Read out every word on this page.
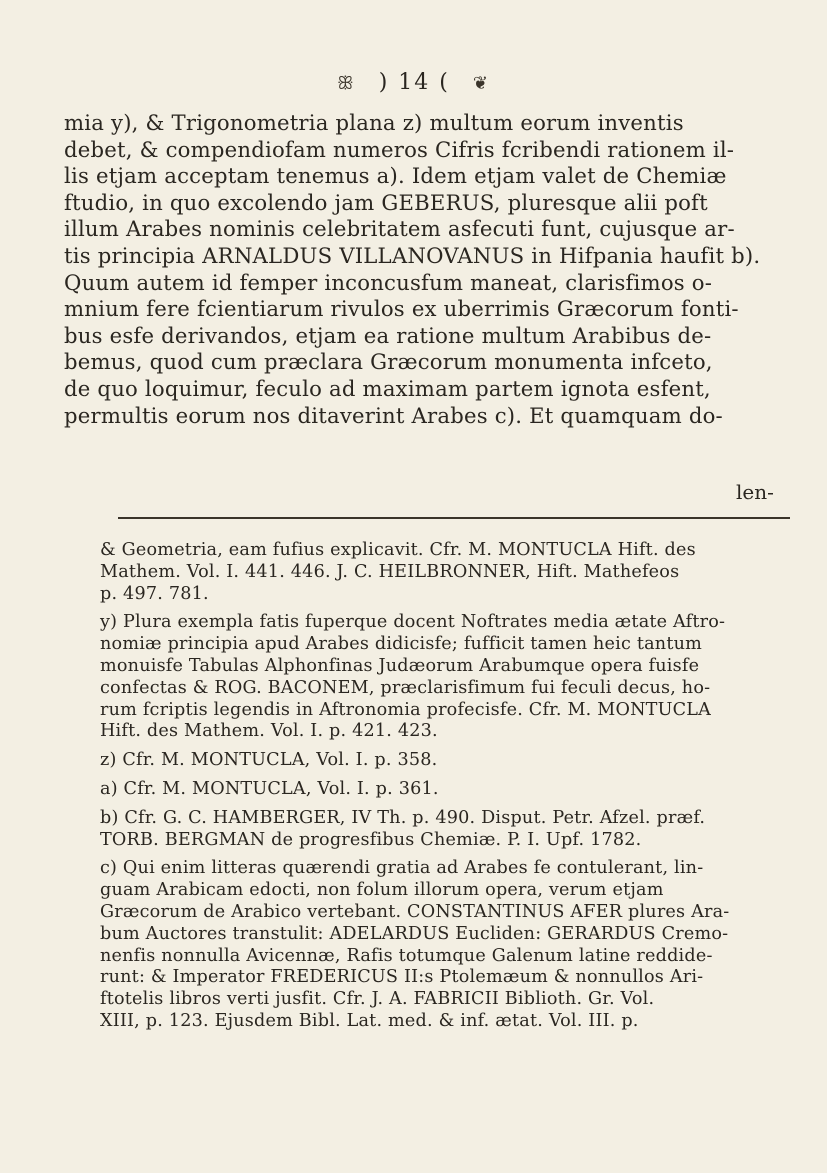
ꕥ ) 14 ( ❦
mia y), & Trigonometria plana z) multum eorum inventis
debet, & compendiofam numeros Cifris fcribendi rationem il-
lis etjam acceptam tenemus a). Idem etjam valet de Chemiæ
ftudio, in quo excolendo jam GEBERUS, pluresque alii poft
illum Arabes nominis celebritatem asfecuti funt, cujusque ar-
tis principia ARNALDUS VILLANOVANUS in Hifpania haufit b).
Quum autem id femper inconcusfum maneat, clarisfimos o-
mnium fere fcientiarum rivulos ex uberrimis Græcorum fonti-
bus esfe derivandos, etjam ea ratione multum Arabibus de-
bemus, quod cum præclara Græcorum monumenta infceto,
de quo loquimur, feculo ad maximam partem ignota esfent,
permultis eorum nos ditaverint Arabes c). Et quamquam do-
len-
& Geometria, eam fufius explicavit. Cfr. M. MONTUCLA Hift. des
Mathem. Vol. I. 441. 446. J. C. HEILBRONNER, Hift. Mathefeos
p. 497. 781.
y) Plura exempla fatis fuperque docent Noftrates media ætate Aftro-
nomiæ principia apud Arabes didicisfe; fufficit tamen heic tantum
monuisfe Tabulas Alphonfinas Judæorum Arabumque opera fuisfe
confectas & ROG. BACONEM, præclarisfimum fui feculi decus, ho-
rum fcriptis legendis in Aftronomia profecisfe. Cfr. M. MONTUCLA
Hift. des Mathem. Vol. I. p. 421. 423.
z) Cfr. M. MONTUCLA, Vol. I. p. 358.
a) Cfr. M. MONTUCLA, Vol. I. p. 361.
b) Cfr. G. C. HAMBERGER, IV Th. p. 490. Disput. Petr. Afzel. præf.
TORB. BERGMAN de progresfibus Chemiæ. P. I. Upf. 1782.
c) Qui enim litteras quærendi gratia ad Arabes fe contulerant, lin-
guam Arabicam edocti, non folum illorum opera, verum etjam
Græcorum de Arabico vertebant. CONSTANTINUS AFER plures Ara-
bum Auctores transtulit: ADELARDUS Eucliden: GERARDUS Cremo-
nenfis nonnulla Avicennæ, Rafis totumque Galenum latine reddide-
runt: & Imperator FREDERICUS II:s Ptolemæum & nonnullos Ari-
ftotelis libros verti jusfit. Cfr. J. A. FABRICII Biblioth. Gr. Vol.
XIII, p. 123. Ejusdem Bibl. Lat. med. & inf. ætat. Vol. III. p.
